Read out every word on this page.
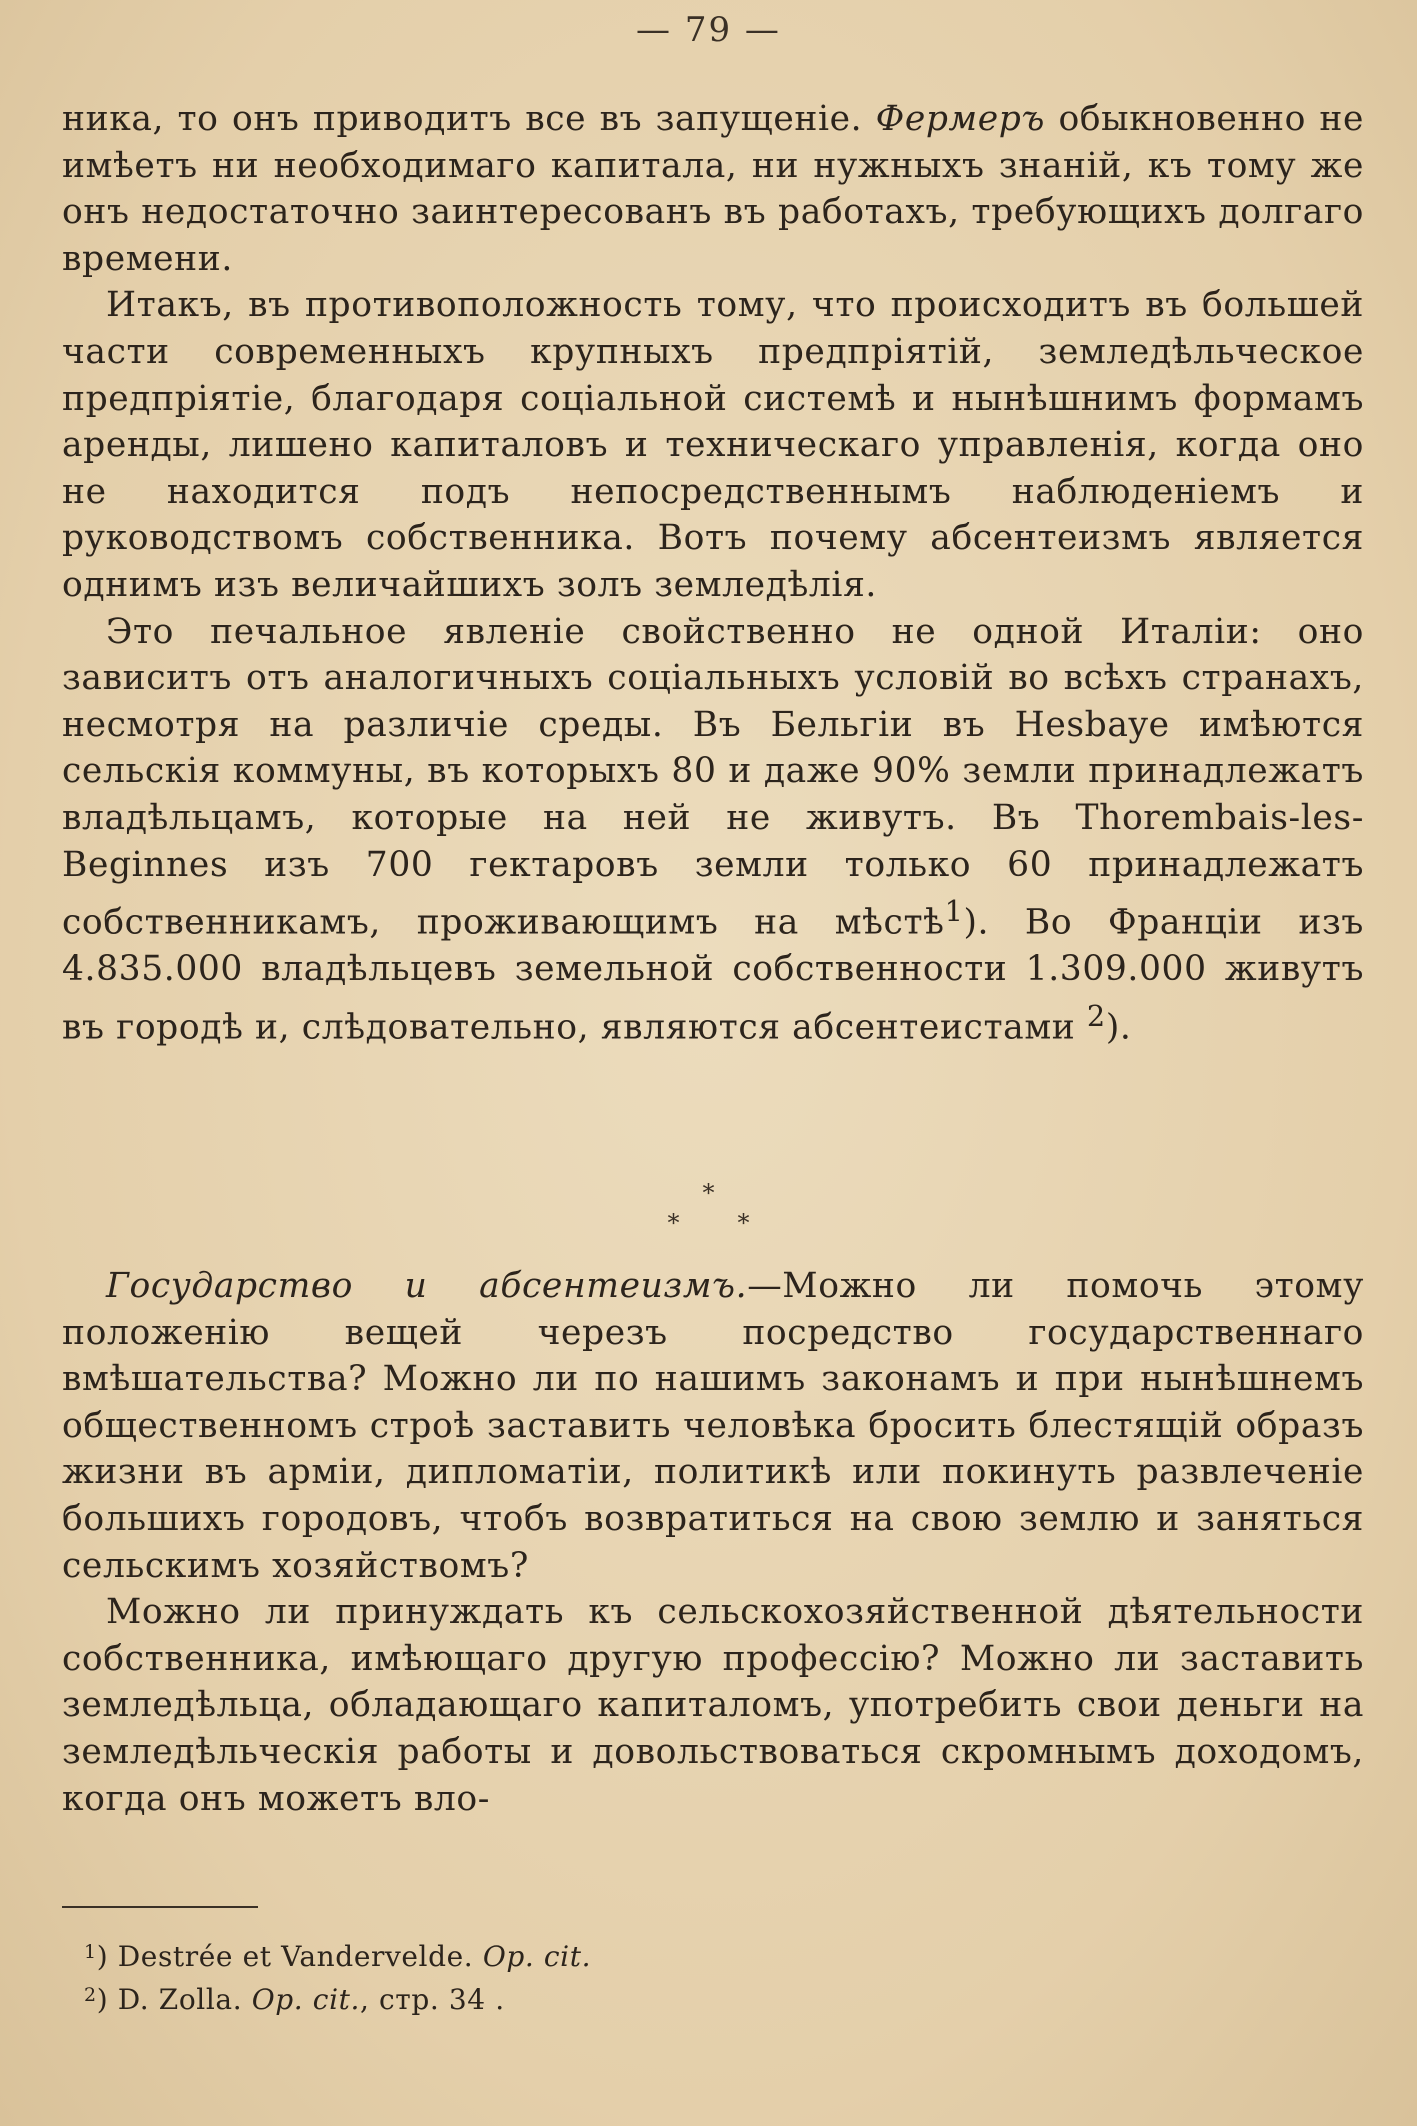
— 79 —

ника, то онъ приводитъ все въ запущеніе. Фермеръ обыкновенно не имѣетъ ни необходимаго капитала, ни нужныхъ знаній, къ тому же онъ недостаточно заинтересованъ въ работахъ, требующихъ долгаго времени.

Итакъ, въ противоположность тому, что происходитъ въ большей части современныхъ крупныхъ предпріятій, земледѣльческое предпріятіе, благодаря соціальной системѣ и нынѣшнимъ формамъ аренды, лишено капиталовъ и техническаго управленія, когда оно не находится подъ непосредственнымъ наблюденіемъ и руководствомъ собственника. Вотъ почему абсентеизмъ является однимъ изъ величайшихъ золъ земледѣлія.

Это печальное явленіе свойственно не одной Италіи: оно зависитъ отъ аналогичныхъ соціальныхъ условій во всѣхъ странахъ, несмотря на различіе среды. Въ Бельгіи въ Hesbaye имѣются сельскія коммуны, въ которыхъ 80 и даже 90% земли принадлежатъ владѣльцамъ, которые на ней не живутъ. Въ Thorembais-les-Beginnes изъ 700 гектаровъ земли только 60 принадлежатъ собственникамъ, проживающимъ на мѣстѣ$^1$). Во Франціи изъ 4.835.000 владѣльцевъ земельной собственности 1.309.000 живутъ въ городѣ и, слѣдовательно, являются абсентеистами $^2$).

*
**

Государство и абсентеизмъ.—Можно ли помочь этому положенію вещей черезъ посредство государственнаго вмѣшательства? Можно ли по нашимъ законамъ и при нынѣшнемъ общественномъ строѣ заставить человѣка бросить блестящій образъ жизни въ арміи, дипломатіи, политикѣ или покинуть развлеченіе большихъ городовъ, чтобъ возвратиться на свою землю и заняться сельскимъ хозяйствомъ?

Можно ли принуждать къ сельскохозяйственной дѣятельности собственника, имѣющаго другую профессію? Можно ли заставить земледѣльца, обладающаго капиталомъ, употребить свои деньги на земледѣльческія работы и довольствоваться скромнымъ доходомъ, когда онъ можетъ вло-

$^1$) Destrée et Vandervelde. Op. cit.
$^2$) D. Zolla. Op. cit., стр. 34 .
